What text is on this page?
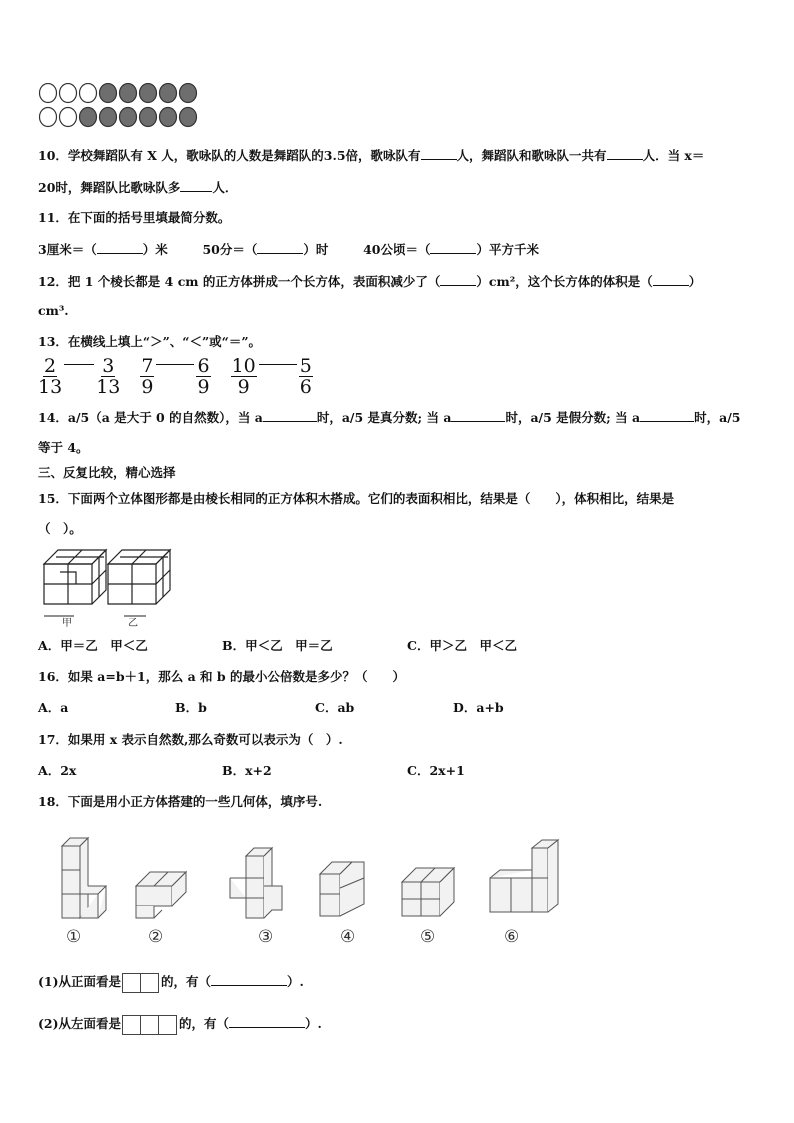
10．学校舞蹈队有 X 人，歌咏队的人数是舞蹈队的3.5倍，歌咏队有	人，舞蹈队和歌咏队一共有	人．当 x＝
20时，舞蹈队比歌咏队多	人．
11．在下面的括号里填最简分数。
3厘米＝（	）米	50分＝（	）时	40公顷＝（	）平方千米
12．把 1 个棱长都是 4 cm 的正方体拼成一个长方体，表面积减少了（	）cm²，这个长方体的体积是（	）
cm³.
13．在横线上填上“＞”、“＜”或“＝”。
$\frac{2}{13} \frac{3}{13} \frac{7}{9} \frac{6}{9} \frac{10}{9} \frac{5}{6}$
14．a/5（a 是大于 0 的自然数），当 a	时，a/5 是真分数; 当 a	时，a/5 是假分数; 当 a	时，a/5
等于 4。
三、反复比较，精心选择
15．下面两个立体图形都是由棱长相同的正方体积木搭成。它们的表面积相比，结果是（　　），体积相比，结果是
（　）。
甲	乙
A．甲＝乙　甲＜乙	B．甲＜乙　甲＝乙	C．甲＞乙　甲＜乙
16．如果 a=b＋1，那么 a 和 b 的最小公倍数是多少？（　　）
A．a	B．b	C．ab	D．a+b
17．如果用 x 表示自然数,那么奇数可以表示为（　）.
A．2x	B．x+2	C．2x+1
18．下面是用小正方体搭建的一些几何体，填序号.
①	②	③	④	⑤	⑥
(1)从正面看是	的，有（	）.
(2)从左面看是	的，有（	）.
